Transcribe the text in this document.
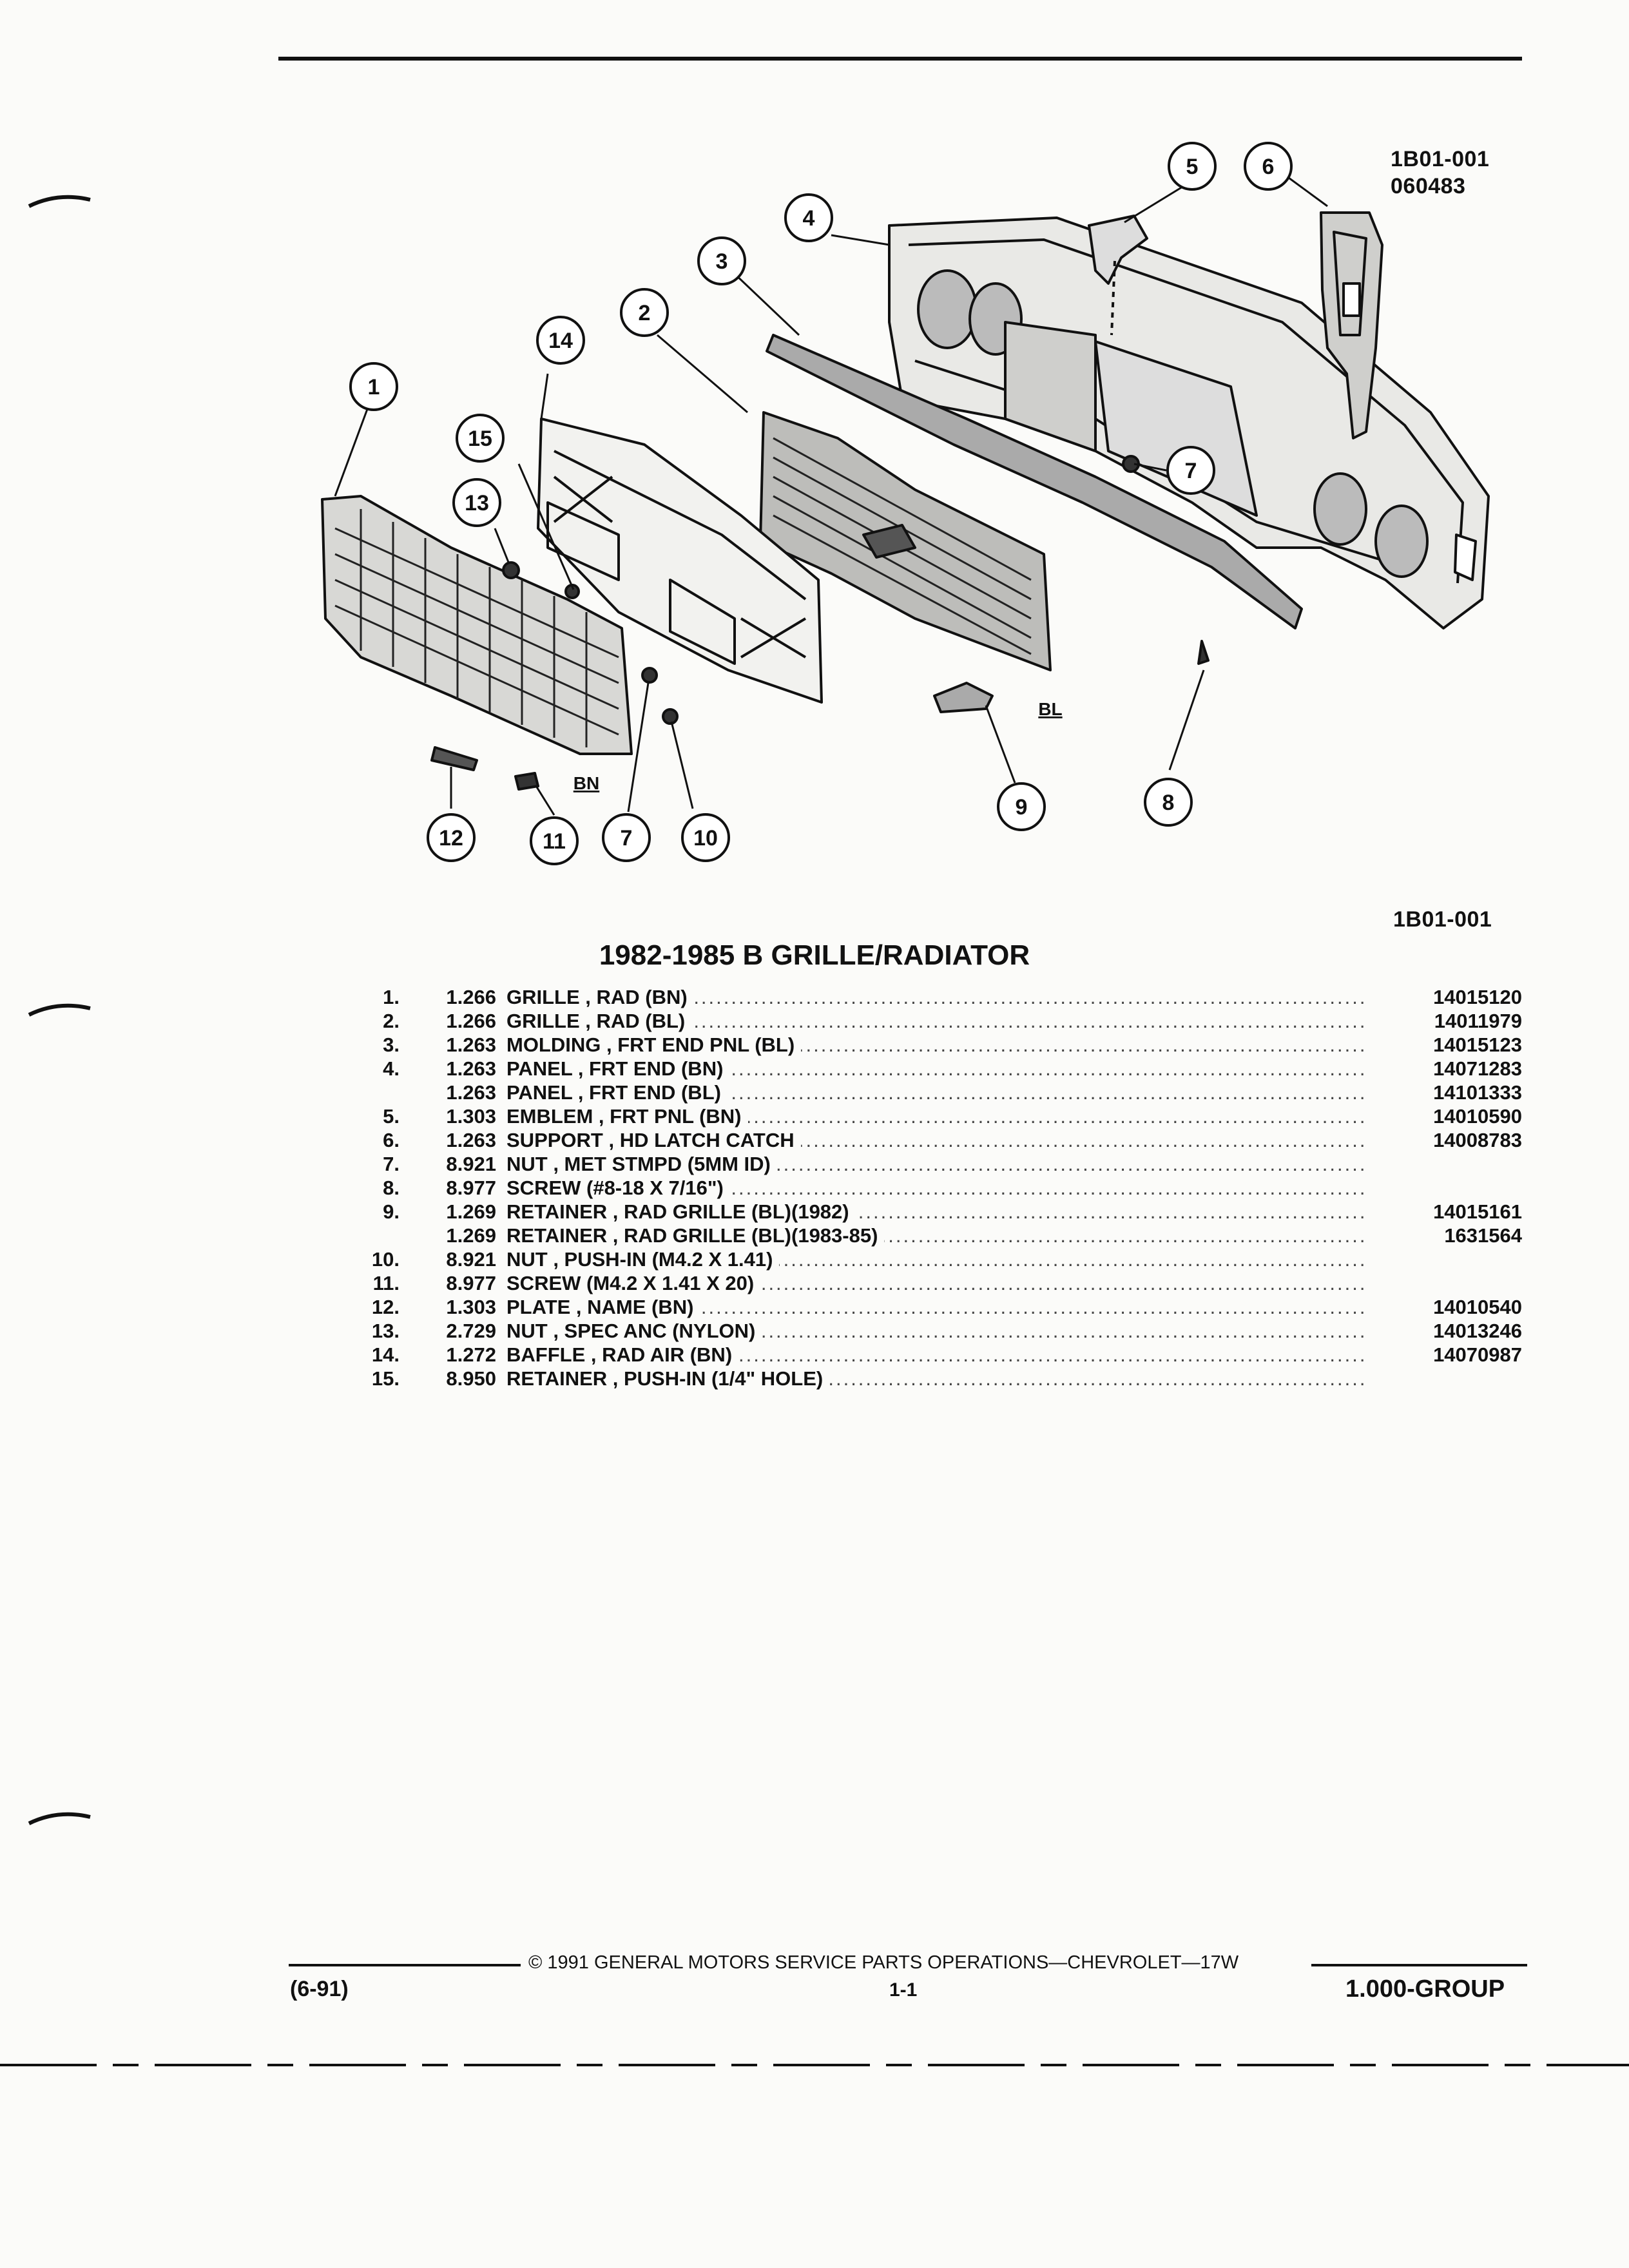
1B01-001
060483
1B01-001
1
2
3
4
5	6
7
8
9
10
7
11
12
13
14
15
BN
BL
1982-1985 B GRILLE/RADIATOR
1.	1.266 ..... GRILLE , RAD (BN)	14015120
2.	1.266 ..... GRILLE , RAD (BL)	14011979
3.	1.263 ..... MOLDING , FRT END PNL (BL)	14015123
4.	1.263 ..... PANEL , FRT END (BN)	14071283
1.263 ..... PANEL , FRT END (BL)	14101333
5.	1.303 ..... EMBLEM , FRT PNL (BN)	14010590
6.	1.263 ..... SUPPORT , HD LATCH CATCH	14008783
7.	8.921 ..... NUT , MET STMPD (5MM ID)
8.	8.977 ..... SCREW (#8-18 X 7/16")
9.	1.269 ..... RETAINER , RAD GRILLE (BL)(1982)	14015161
1.269 ..... RETAINER , RAD GRILLE (BL)(1983-85)	1631564
10.	8.921 ..... NUT , PUSH-IN (M4.2 X 1.41)
11.	8.977 ..... SCREW (M4.2 X 1.41 X 20)
12.	1.303 ..... PLATE , NAME (BN)	14010540
13.	2.729 ..... NUT , SPEC ANC (NYLON)	14013246
14.	1.272 ..... BAFFLE , RAD AIR (BN)	14070987
15.	8.950 ..... RETAINER , PUSH-IN (1/4" HOLE)
© 1991 GENERAL MOTORS SERVICE PARTS OPERATIONS—CHEVROLET—17W
(6-91)	1-1	1.000-GROUP
